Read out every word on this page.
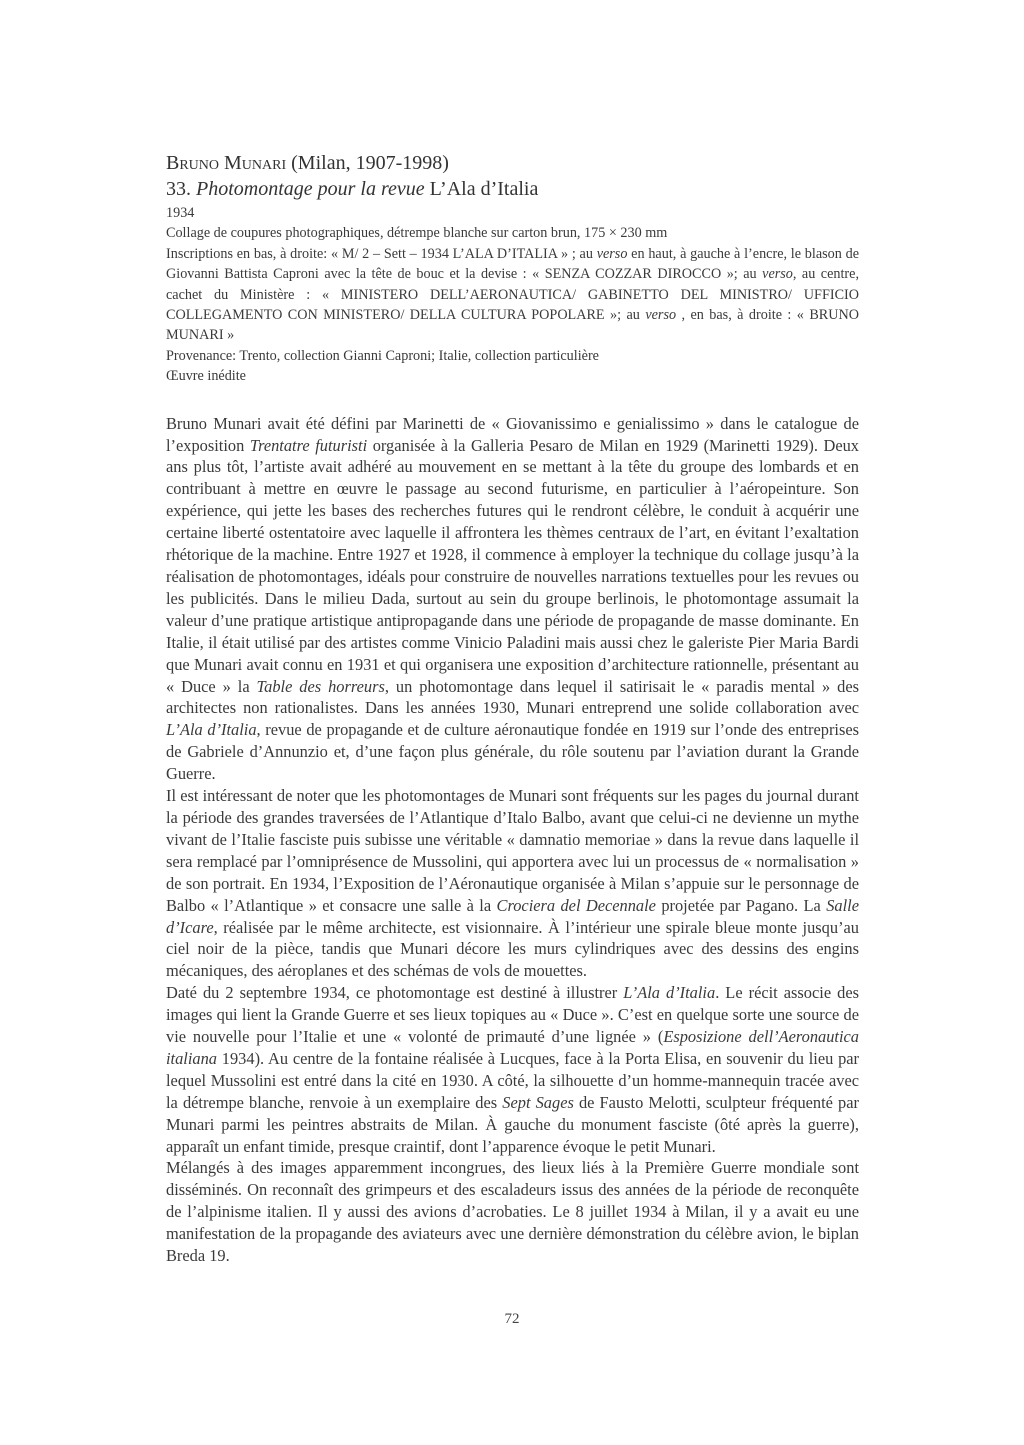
Bruno Munari (Milan, 1907-1998)

33. Photomontage pour la revue L’Ala d’Italia

1934

Collage de coupures photographiques, détrempe blanche sur carton brun, 175 × 230 mm

Inscriptions en bas, à droite: « M/ 2 – Sett – 1934 L’ALA D’ITALIA » ; au verso en haut, à gauche à l’encre, le blason de Giovanni Battista Caproni avec la tête de bouc et la devise : « SENZA COZZAR DIROCCO »; au verso, au centre, cachet du Ministère : « MINISTERO DELL’AERONAUTICA/ GABINETTO DEL MINISTRO/ UFFICIO COLLEGAMENTO CON MINISTERO/ DELLA CULTURA POPOLARE »; au verso , en bas, à droite : « BRUNO MUNARI »

Provenance: Trento, collection Gianni Caproni; Italie, collection particulière

Œuvre inédite

Bruno Munari avait été défini par Marinetti de « Giovanissimo e genialissimo » dans le catalogue de l’exposition Trentatre futuristi organisée à la Galleria Pesaro de Milan en 1929 (Marinetti 1929). Deux ans plus tôt, l’artiste avait adhéré au mouvement en se mettant à la tête du groupe des lombards et en contribuant à mettre en œuvre le passage au second futurisme, en particulier à l’aéropeinture. Son expérience, qui jette les bases des recherches futures qui le rendront célèbre, le conduit à acquérir une certaine liberté ostentatoire avec laquelle il affrontera les thèmes centraux de l’art, en évitant l’exaltation rhétorique de la machine. Entre 1927 et 1928, il commence à employer la technique du collage jusqu’à la réalisation de photomontages, idéals pour construire de nouvelles narrations textuelles pour les revues ou les publicités. Dans le milieu Dada, surtout au sein du groupe berlinois, le photomontage assumait la valeur d’une pratique artistique antipropagande dans une période de propagande de masse dominante. En Italie, il était utilisé par des artistes comme Vinicio Paladini mais aussi chez le galeriste Pier Maria Bardi que Munari avait connu en 1931 et qui organisera une exposition d’architecture rationnelle, présentant au « Duce » la Table des horreurs, un photomontage dans lequel il satirisait le « paradis mental » des architectes non rationalistes. Dans les années 1930, Munari entreprend une solide collaboration avec L’Ala d’Italia, revue de propagande et de culture aéronautique fondée en 1919 sur l’onde des entreprises de Gabriele d’Annunzio et, d’une façon plus générale, du rôle soutenu par l’aviation durant la Grande Guerre.

Il est intéressant de noter que les photomontages de Munari sont fréquents sur les pages du journal durant la période des grandes traversées de l’Atlantique d’Italo Balbo, avant que celui-ci ne devienne un mythe vivant de l’Italie fasciste puis subisse une véritable « damnatio memoriae » dans la revue dans laquelle il sera remplacé par l’omniprésence de Mussolini, qui apportera avec lui un processus de « normalisation » de son portrait. En 1934, l’Exposition de l’Aéronautique organisée à Milan s’appuie sur le personnage de Balbo « l’Atlantique » et consacre une salle à la Crociera del Decennale projetée par Pagano. La Salle d’Icare, réalisée par le même architecte, est visionnaire. À l’intérieur une spirale bleue monte jusqu’au ciel noir de la pièce, tandis que Munari décore les murs cylindriques avec des dessins des engins mécaniques, des aéroplanes et des schémas de vols de mouettes.

Daté du 2 septembre 1934, ce photomontage est destiné à illustrer L’Ala d’Italia. Le récit associe des images qui lient la Grande Guerre et ses lieux topiques au « Duce ». C’est en quelque sorte une source de vie nouvelle pour l’Italie et une « volonté de primauté d’une lignée » (Esposizione dell’Aeronautica italiana 1934). Au centre de la fontaine réalisée à Lucques, face à la Porta Elisa, en souvenir du lieu par lequel Mussolini est entré dans la cité en 1930. A côté, la silhouette d’un homme-mannequin tracée avec la détrempe blanche, renvoie à un exemplaire des Sept Sages de Fausto Melotti, sculpteur fréquenté par Munari parmi les peintres abstraits de Milan. À gauche du monument fasciste (ôté après la guerre), apparaît un enfant timide, presque craintif, dont l’apparence évoque le petit Munari.

Mélangés à des images apparemment incongrues, des lieux liés à la Première Guerre mondiale sont disséminés. On reconnaît des grimpeurs et des escaladeurs issus des années de la période de reconquête de l’alpinisme italien. Il y aussi des avions d’acrobaties. Le 8 juillet 1934 à Milan, il y a avait eu une manifestation de la propagande des aviateurs avec une dernière démonstration du célèbre avion, le biplan Breda 19.

72
